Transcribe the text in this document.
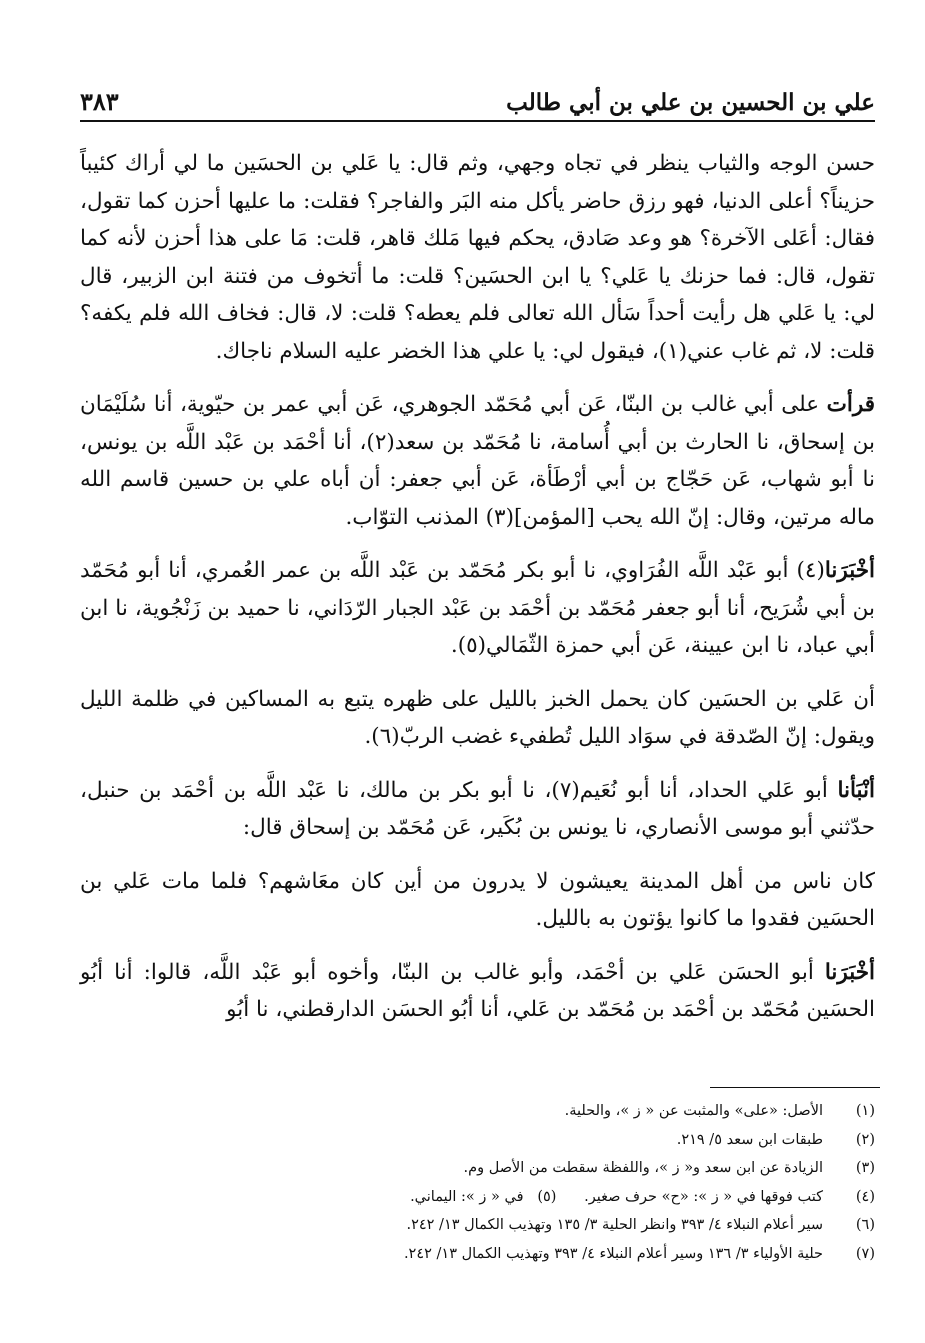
علي بن الحسين بن علي بن أبي طالب
٣٨٣

حسن الوجه والثياب ينظر في تجاه وجهي، وثم قال: يا عَلي بن الحسَين ما لي أراك كئيباً حزيناً؟ أعلى الدنيا، فهو رزق حاضر يأكل منه البَر والفاجر؟ فقلت: ما عليها أحزن كما تقول، فقال: أعَلى الآخرة؟ هو وعد صَادق، يحكم فيها مَلك قاهر، قلت: مَا على هذا أحزن لأنه كما تقول، قال: فما حزنك يا عَلي؟ يا ابن الحسَين؟ قلت: ما أتخوف من فتنة ابن الزبير، قال لي: يا عَلي هل رأيت أحداً سَأل الله تعالى فلم يعطه؟ قلت: لا، قال: فخاف الله فلم يكفه؟ قلت: لا، ثم غاب عني(١)، فيقول لي: يا علي هذا الخضر عليه السلام ناجاك.

قرأت على أبي غالب بن البنّا، عَن أبي مُحَمّد الجوهري، عَن أبي عمر بن حيّوية، أنا سُلَيْمَان بن إسحاق، نا الحارث بن أبي أُسامة، نا مُحَمّد بن سعد(٢)، أنا أحْمَد بن عَبْد اللَّه بن يونس، نا أبو شهاب، عَن حَجّاج بن أبي أرْطَأة، عَن أبي جعفر: أن أباه علي بن حسين قاسم الله ماله مرتين، وقال: إنّ الله يحب [المؤمن](٣) المذنب التوّاب.

أخْبَرَنا(٤) أبو عَبْد اللَّه الفُرَاوي، نا أبو بكر مُحَمّد بن عَبْد اللَّه بن عمر العُمري، أنا أبو مُحَمّد بن أبي شُرَيح، أنا أبو جعفر مُحَمّد بن أحْمَد بن عَبْد الجبار الرّدَاني، نا حميد بن زَنْجُوية، نا ابن أبي عباد، نا ابن عيينة، عَن أبي حمزة الثّمَالي(٥).

أن عَلي بن الحسَين كان يحمل الخبز بالليل على ظهره يتبع به المساكين في ظلمة الليل ويقول: إنّ الصّدقة في سوَاد الليل تُطفيء غضب الربّ(٦).

أنْبَأنا أبو عَلي الحداد، أنا أبو نُعَيم(٧)، نا أبو بكر بن مالك، نا عَبْد اللَّه بن أحْمَد بن حنبل، حدّثني أبو موسى الأنصاري، نا يونس بن بُكَير، عَن مُحَمّد بن إسحاق قال:

كان ناس من أهل المدينة يعيشون لا يدرون من أين كان معَاشهم؟ فلما مات عَلي بن الحسَين فقدوا ما كانوا يؤتون به بالليل.

أخْبَرَنا أبو الحسَن عَلي بن أحْمَد، وأبو غالب بن البنّا، وأخوه أبو عَبْد اللَّه، قالوا: أنا أبُو الحسَين مُحَمّد بن أحْمَد بن مُحَمّد بن عَلي، أنا أبُو الحسَن الدارقطني، نا أبُو

(١)
الأصل: «على» والمثبت عن « ز »، والحلية.
(٢)
طبقات ابن سعد ٥/ ٢١٩.
(٣)
الزيادة عن ابن سعد و« ز »، واللفظة سقطت من الأصل وم.
(٤)
كتب فوقها في « ز »: «ح» حرف صغير.      (٥)   في « ز »: اليماني.
(٦)
سير أعلام النبلاء ٤/ ٣٩٣ وانظر الحلية ٣/ ١٣٥ وتهذيب الكمال ١٣/ ٢٤٢.
(٧)
حلية الأولياء ٣/ ١٣٦ وسير أعلام النبلاء ٤/ ٣٩٣ وتهذيب الكمال ١٣/ ٢٤٢.
